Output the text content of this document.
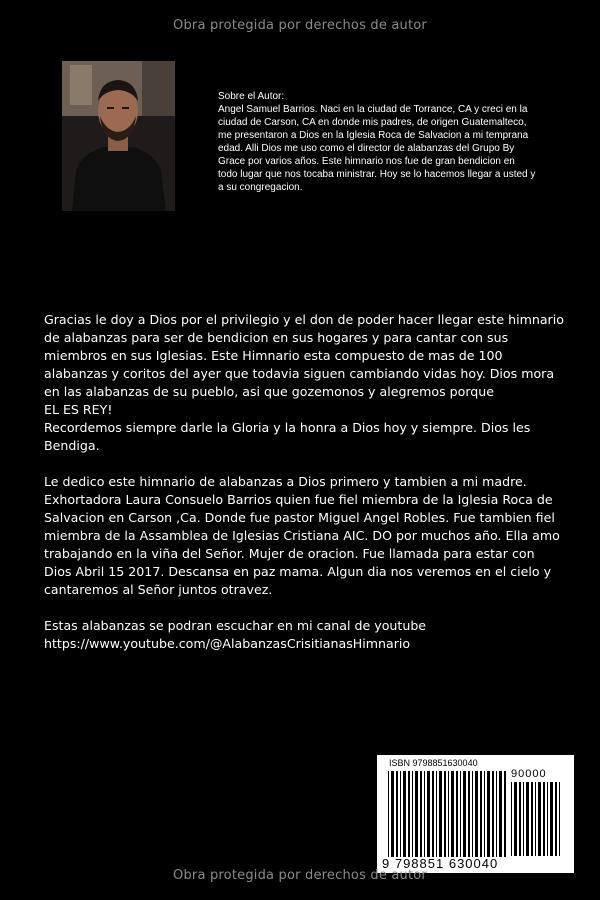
Obra protegida por derechos de autor

Sobre el Autor:

Angel Samuel Barrios. Naci en la ciudad de Torrance, CA y creci en la ciudad de Carson, CA en donde mis padres, de origen Guatemalteco, me presentaron a Dios en la Iglesia Roca de Salvacion a mi temprana edad. Alli Dios me uso como el director de alabanzas del Grupo By Grace por varios años. Este himnario nos fue de gran bendicion en todo lugar que nos tocaba ministrar. Hoy se lo hacemos llegar a usted y a su congregacion.

Gracias le doy a Dios por el privilegio y el don de poder hacer llegar este himnario de alabanzas para ser de bendicion en sus hogares y para cantar con sus miembros en sus Iglesias. Este Himnario esta compuesto de mas de 100 alabanzas y coritos del ayer que todavia siguen cambiando vidas hoy. Dios mora en las alabanzas de su pueblo, asi que gozemonos y alegremos porque

EL ES REY!

Recordemos siempre darle la Gloria y la honra a Dios hoy y siempre. Dios les Bendiga.

Le dedico este himnario de alabanzas a Dios primero y tambien a mi madre. Exhortadora Laura Consuelo Barrios quien fue fiel miembra de la Iglesia Roca de Salvacion en Carson ,Ca. Donde fue pastor Miguel Angel Robles. Fue tambien fiel miembra de la Assamblea de Iglesias Cristiana AIC. DO por muchos año. Ella amo trabajando en la viña del Señor. Mujer de oracion. Fue llamada para estar con Dios Abril 15 2017. Descansa en paz mama. Algun dia nos veremos en el cielo y cantaremos al Señor juntos otravez.

Estas alabanzas se podran escuchar en mi canal de youtube

https://www.youtube.com/@AlabanzasCrisitianasHimnario

ISBN 9798851630040
90000
9 798851 630040
Obra protegida por derechos de autor
